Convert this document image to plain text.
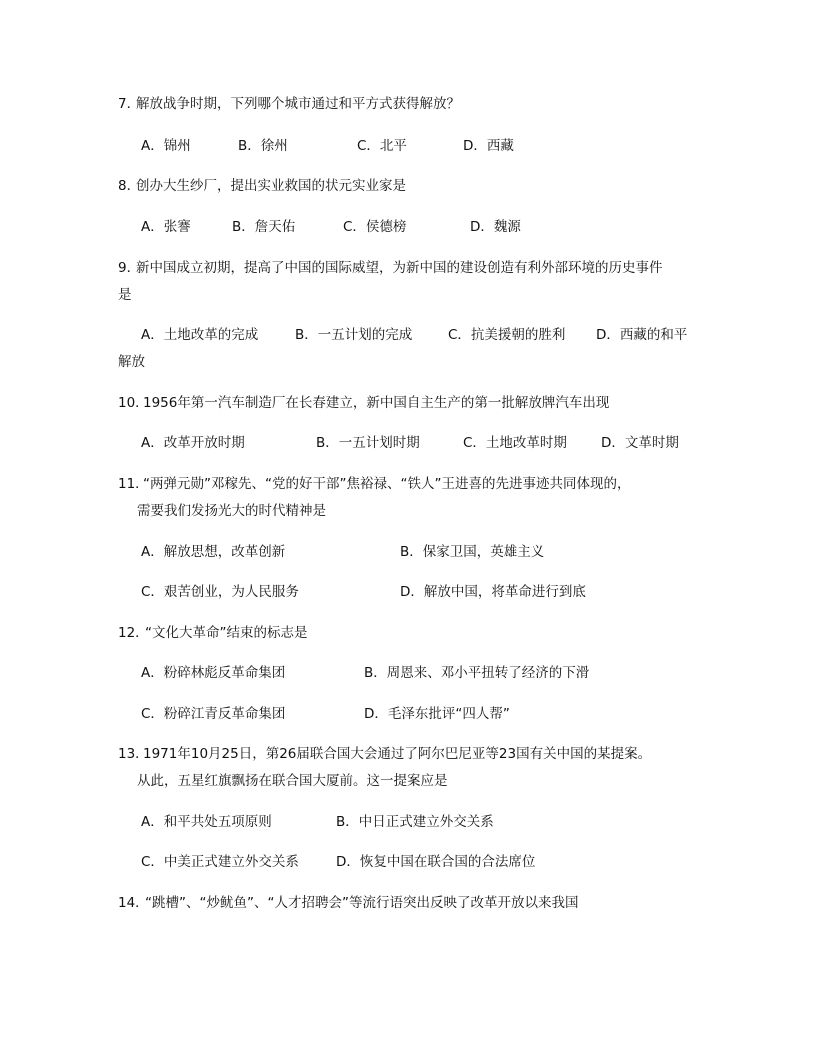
7．
解放战争时期，下列哪个城市通过和平方式获得解放？
A．锦州	B．徐州	C．北平	D．西藏
8．
创办大生纱厂，提出实业救国的状元实业家是
A．张謇	B．詹天佑	C．侯德榜	D．魏源
9．
新中国成立初期，提高了中国的国际威望，为新中国的建设创造有利外部环境的历史事件
是
A．土地改革的完成	B．一五计划的完成	C．抗美援朝的胜利 D．西藏的和平
解放
10．
1956年第一汽车制造厂在长春建立，新中国自主生产的第一批解放牌汽车出现
A．改革开放时期	B．一五计划时期	C．土地改革时期	D．文革时期
11．
“两弹元勋”邓稼先、“党的好干部”焦裕禄、“铁人”王进喜的先进事迹共同体现的，
需要我们发扬光大的时代精神是
A．解放思想，改革创新	B．保家卫国，英雄主义
C．艰苦创业，为人民服务	D．解放中国，将革命进行到底
12．
“文化大革命”结束的标志是
A．粉碎林彪反革命集团	B．周恩来、邓小平扭转了经济的下滑
C．粉碎江青反革命集团	D．毛泽东批评“四人帮”
13．
1971年10月25日，第26届联合国大会通过了阿尔巴尼亚等23国有关中国的某提案。
从此，五星红旗飘扬在联合国大厦前。这一提案应是
A．和平共处五项原则	B．中日正式建立外交关系
C．中美正式建立外交关系	D．恢复中国在联合国的合法席位
14．
“跳槽”、“炒鱿鱼”、“人才招聘会”等流行语突出反映了改革开放以来我国
